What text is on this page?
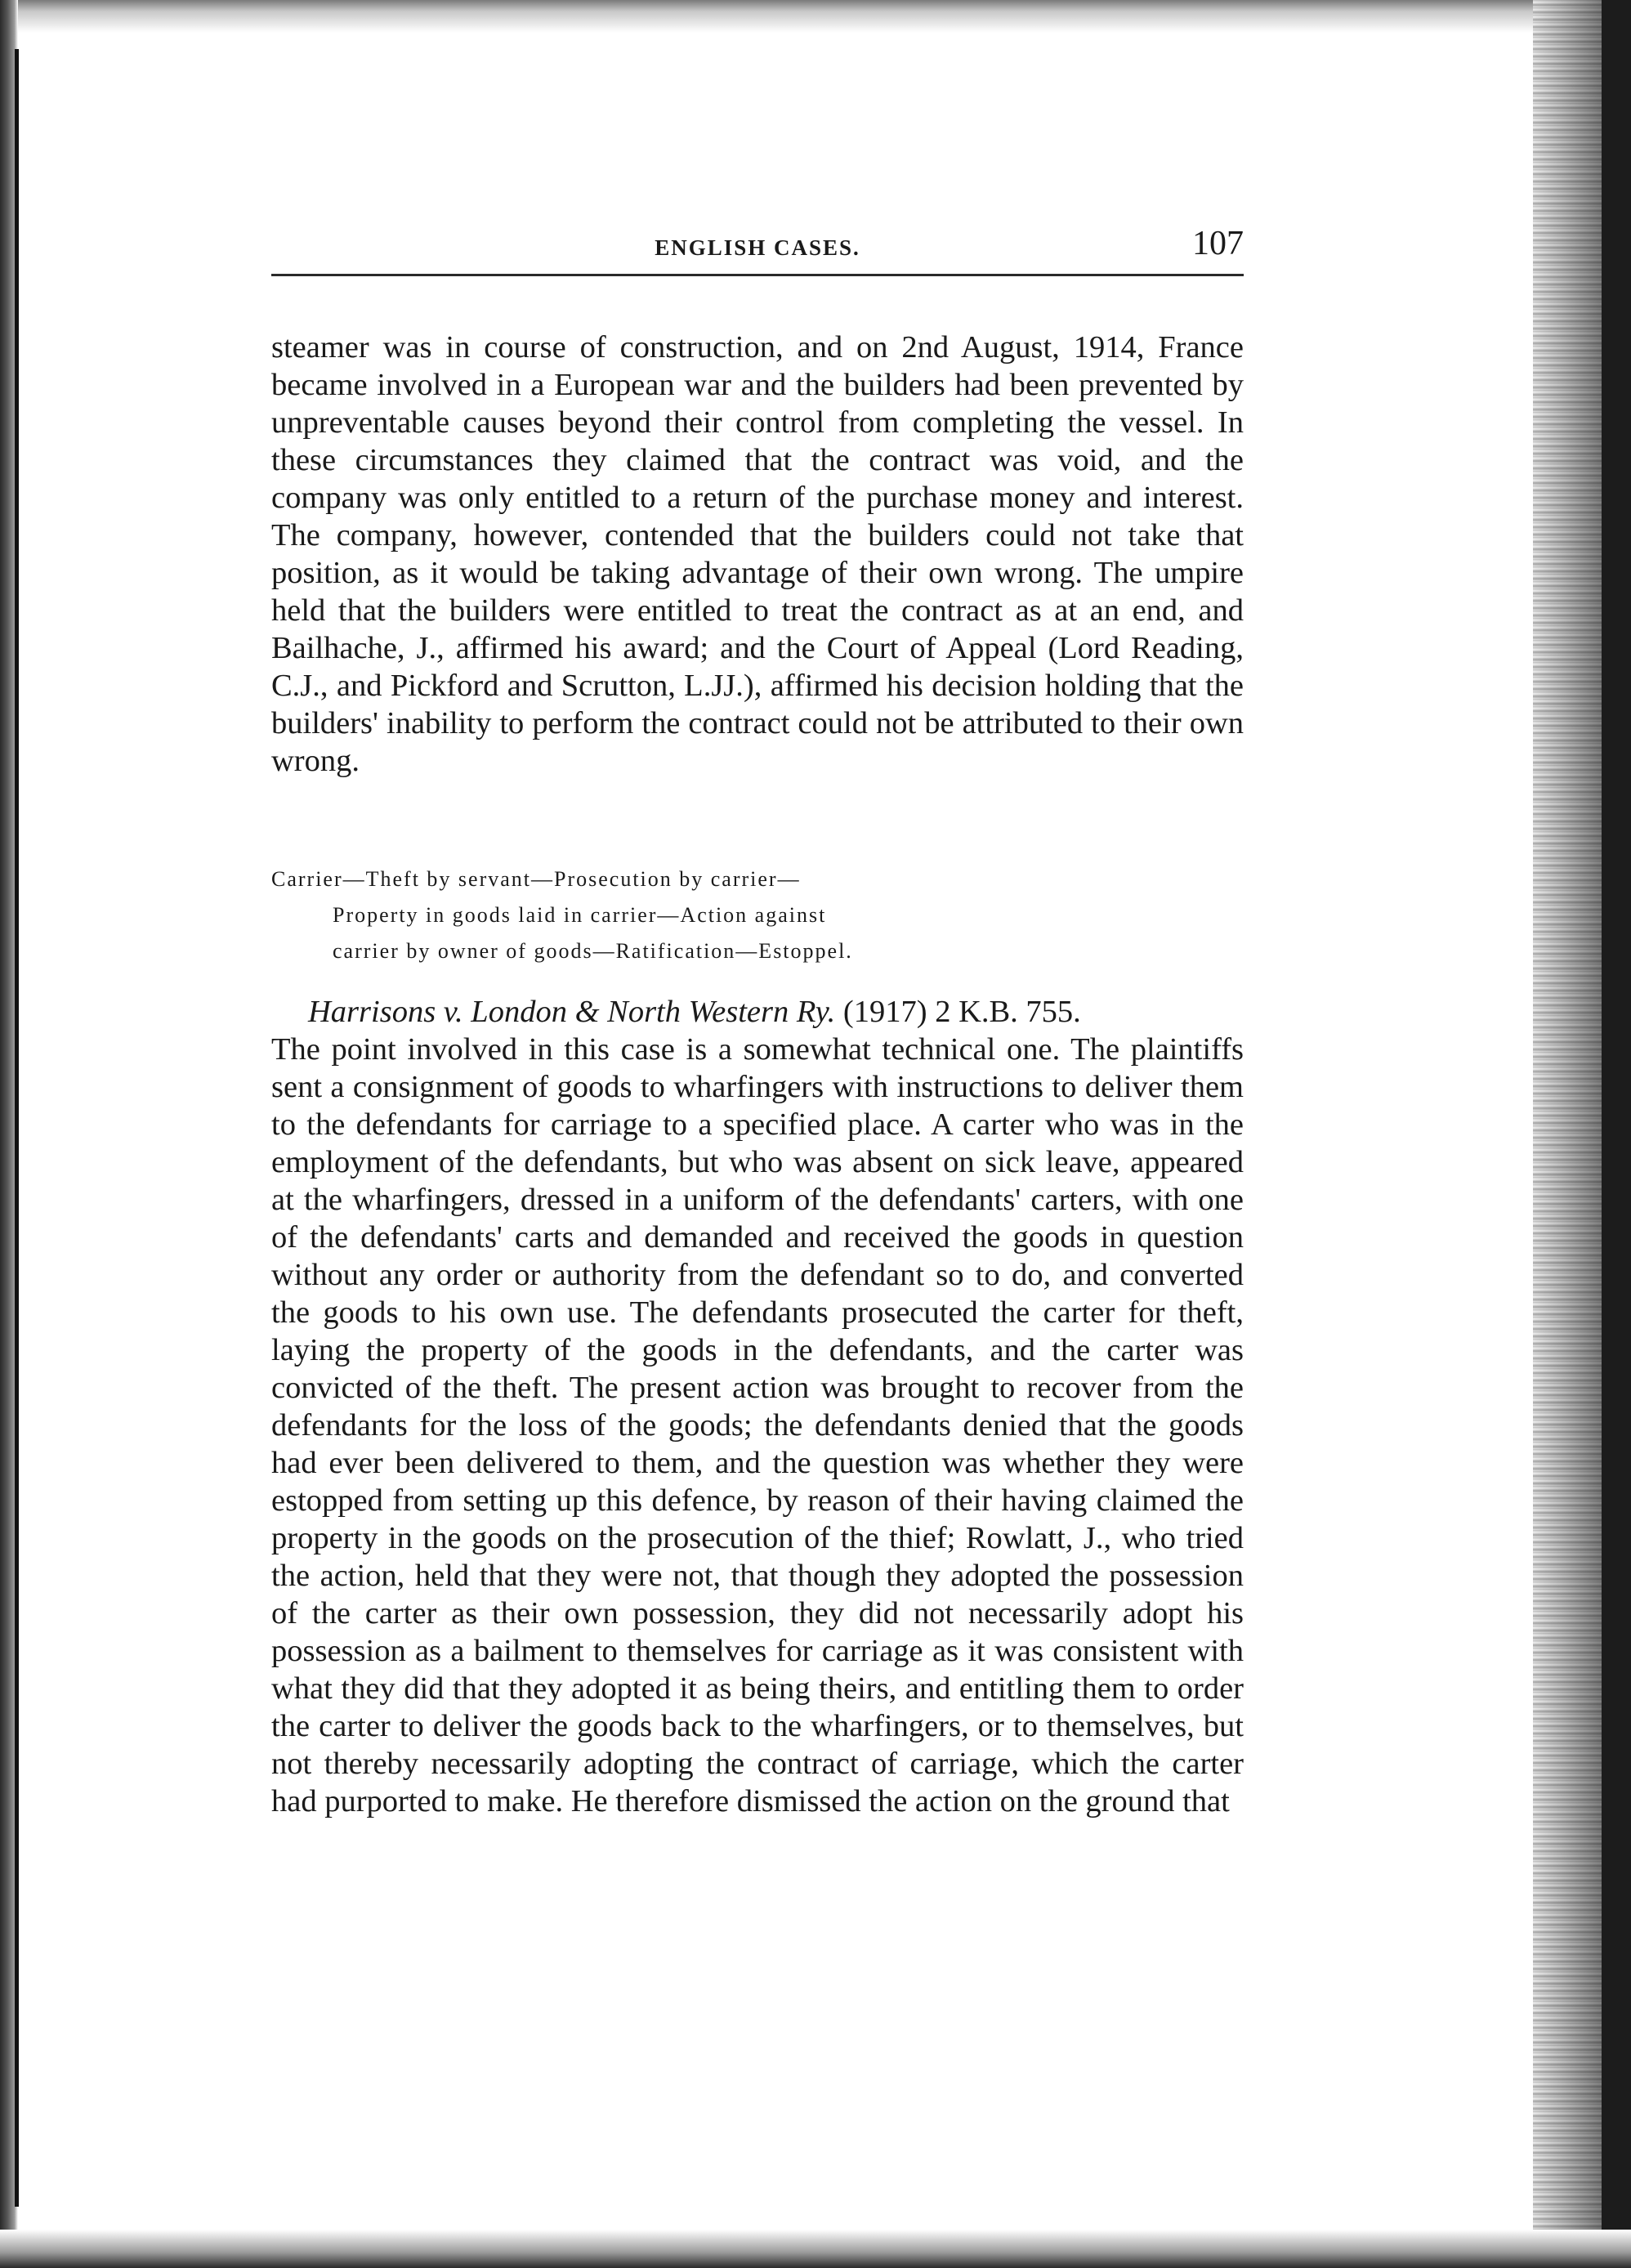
ENGLISH CASES.	107

steamer was in course of construction, and on 2nd August, 1914, France became involved in a European war and the builders had been prevented by unpreventable causes beyond their control from completing the vessel. In these circumstances they claimed that the contract was void, and the company was only entitled to a return of the purchase money and interest. The company, however, contended that the builders could not take that position, as it would be taking advantage of their own wrong. The umpire held that the builders were entitled to treat the contract as at an end, and Bailhache, J., affirmed his award; and the Court of Appeal (Lord Reading, C.J., and Pickford and Scrutton, L.JJ.), affirmed his decision holding that the builders' inability to perform the contract could not be attributed to their own wrong.

Carrier—Theft by servant—Prosecution by carrier—
Property in goods laid in carrier—Action against
carrier by owner of goods—Ratification—Estoppel.

Harrisons v. London & North Western Ry. (1917) 2 K.B. 755.

The point involved in this case is a somewhat technical one. The plaintiffs sent a consignment of goods to wharfingers with instructions to deliver them to the defendants for carriage to a specified place. A carter who was in the employment of the defendants, but who was absent on sick leave, appeared at the wharfingers, dressed in a uniform of the defendants' carters, with one of the defendants' carts and demanded and received the goods in question without any order or authority from the defendant so to do, and converted the goods to his own use. The defendants prosecuted the carter for theft, laying the property of the goods in the defendants, and the carter was convicted of the theft. The present action was brought to recover from the defendants for the loss of the goods; the defendants denied that the goods had ever been delivered to them, and the question was whether they were estopped from setting up this defence, by reason of their having claimed the property in the goods on the prosecution of the thief; Rowlatt, J., who tried the action, held that they were not, that though they adopted the possession of the carter as their own possession, they did not necessarily adopt his possession as a bailment to themselves for carriage as it was consistent with what they did that they adopted it as being theirs, and entitling them to order the carter to deliver the goods back to the wharfingers, or to themselves, but not thereby necessarily adopting the contract of carriage, which the carter had purported to make. He therefore dismissed the action on the ground that
